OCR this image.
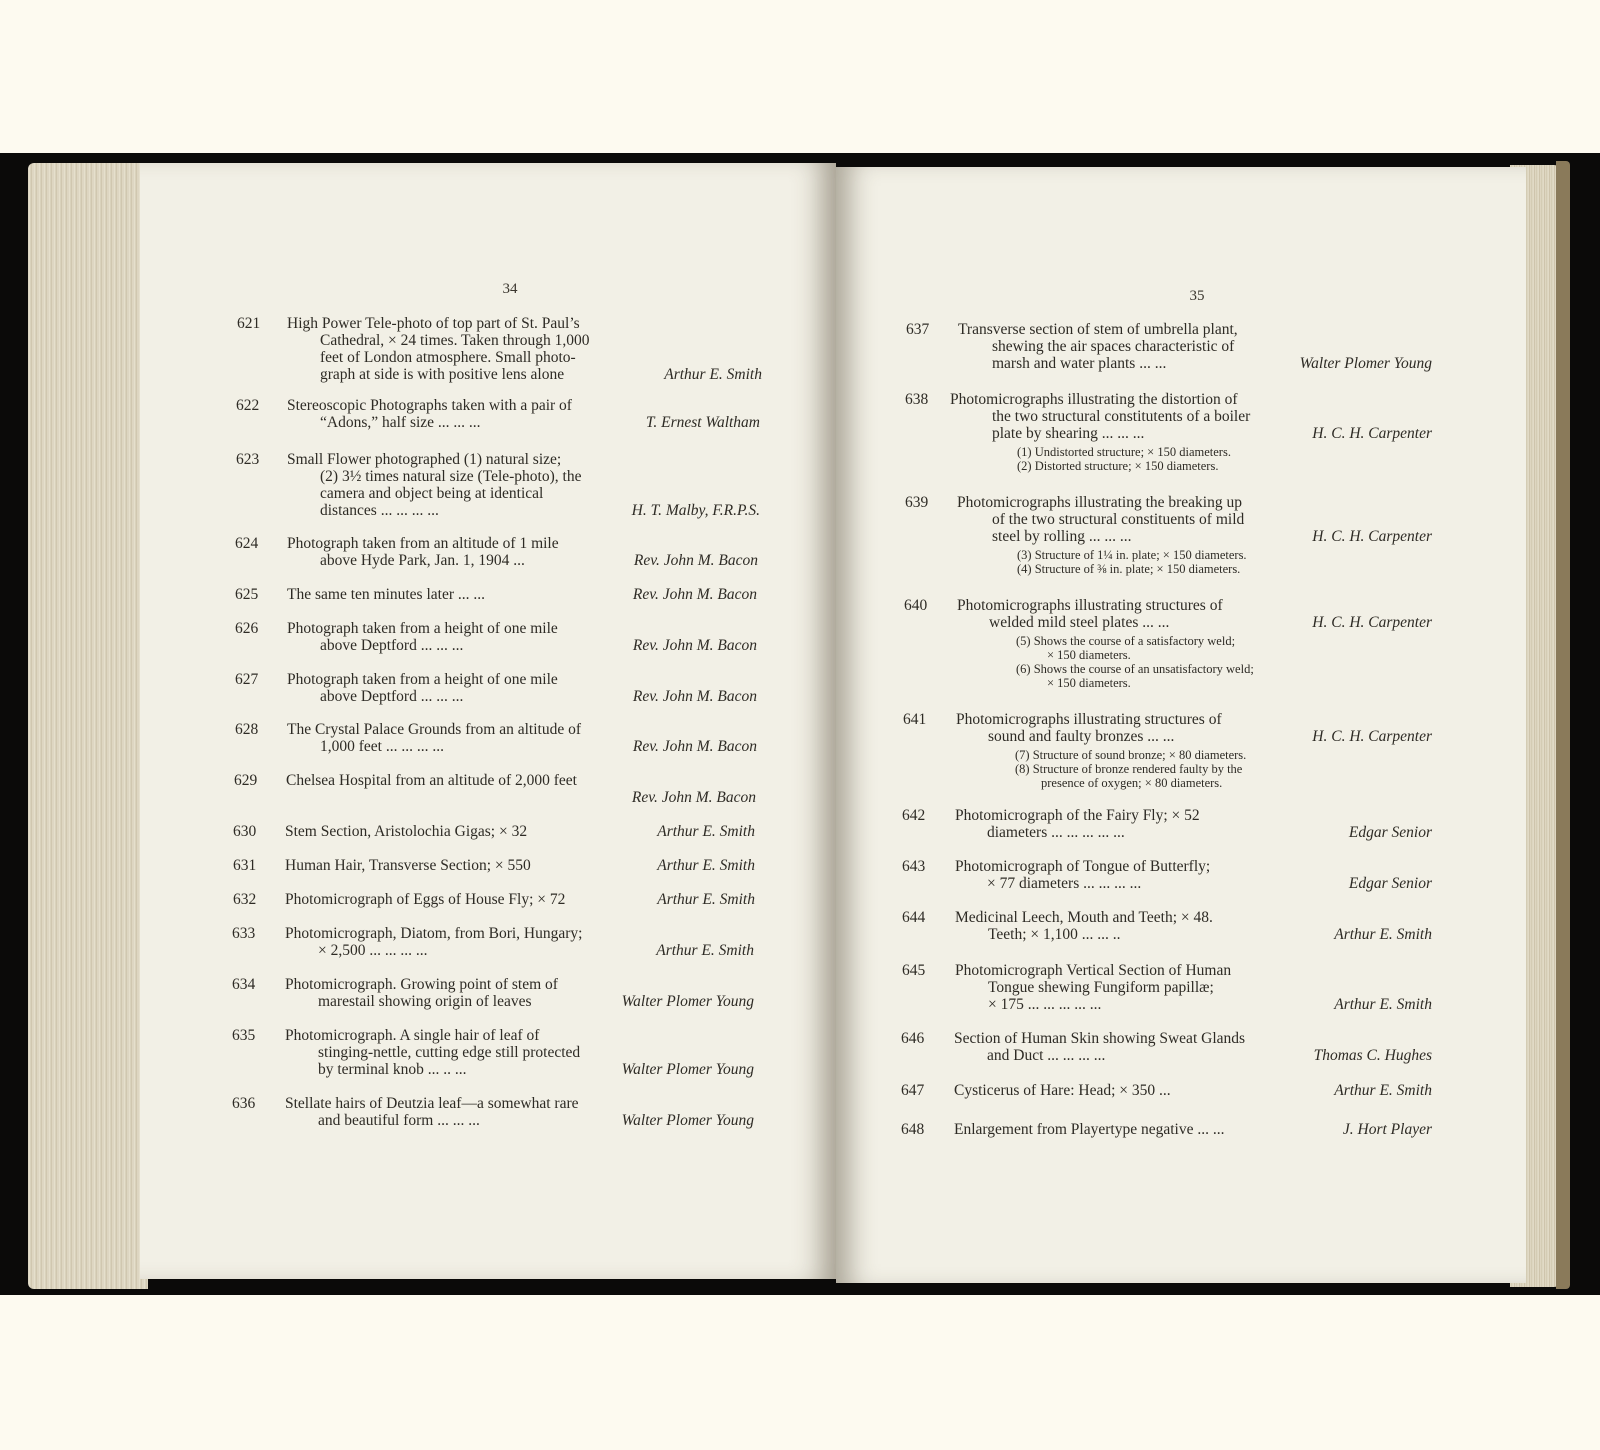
34
621 High Power Tele-photo of top part of St. Paul’s
Cathedral, × 24 times. Taken through 1,000
feet of London atmosphere. Small photo-
graph at side is with positive lens alone	Arthur E. Smith
622 Stereoscopic Photographs taken with a pair of
“Adons,” half size ... ... ...	T. Ernest Waltham
623 Small Flower photographed (1) natural size;
(2) 3½ times natural size (Tele-photo), the
camera and object being at identical
distances ... ... ... ...	H. T. Malby, F.R.P.S.
624 Photograph taken from an altitude of 1 mile
above Hyde Park, Jan. 1, 1904 ...	Rev. John M. Bacon
625 The same ten minutes later ... ...	Rev. John M. Bacon
626 Photograph taken from a height of one mile
above Deptford ... ... ...	Rev. John M. Bacon
627 Photograph taken from a height of one mile
above Deptford ... ... ...	Rev. John M. Bacon
628 The Crystal Palace Grounds from an altitude of
1,000 feet ... ... ... ...	Rev. John M. Bacon
629 Chelsea Hospital from an altitude of 2,000 feet
Rev. John M. Bacon
630 Stem Section, Aristolochia Gigas; × 32	Arthur E. Smith
631 Human Hair, Transverse Section; × 550	Arthur E. Smith
632 Photomicrograph of Eggs of House Fly; × 72	Arthur E. Smith
633 Photomicrograph, Diatom, from Bori, Hungary;
× 2,500 ... ... ... ...	Arthur E. Smith
634 Photomicrograph. Growing point of stem of
marestail showing origin of leaves	Walter Plomer Young
635 Photomicrograph. A single hair of leaf of
stinging-nettle, cutting edge still protected
by terminal knob ... .. ...	Walter Plomer Young
636 Stellate hairs of Deutzia leaf—a somewhat rare
and beautiful form ... ... ...	Walter Plomer Young
35
637 Transverse section of stem of umbrella plant,
shewing the air spaces characteristic of
marsh and water plants ... ...	Walter Plomer Young
638 Photomicrographs illustrating the distortion of
the two structural constitutents of a boiler
plate by shearing ... ... ...	H. C. H. Carpenter
(1) Undistorted structure; × 150 diameters.
(2) Distorted structure; × 150 diameters.
639 Photomicrographs illustrating the breaking up
of the two structural constituents of mild
steel by rolling ... ... ...	H. C. H. Carpenter
(3) Structure of 1¼ in. plate; × 150 diameters.
(4) Structure of ⅜ in. plate; × 150 diameters.
640 Photomicrographs illustrating structures of
welded mild steel plates ... ...	H. C. H. Carpenter
(5) Shows the course of a satisfactory weld;
× 150 diameters.
(6) Shows the course of an unsatisfactory weld;
× 150 diameters.
641 Photomicrographs illustrating structures of
sound and faulty bronzes ... ...	H. C. H. Carpenter
(7) Structure of sound bronze; × 80 diameters.
(8) Structure of bronze rendered faulty by the
presence of oxygen; × 80 diameters.
642 Photomicrograph of the Fairy Fly; × 52
diameters ... ... ... ... ...	Edgar Senior
643 Photomicrograph of Tongue of Butterfly;
× 77 diameters ... ... ... ...	Edgar Senior
644 Medicinal Leech, Mouth and Teeth; × 48.
Teeth; × 1,100 ... ... ..	Arthur E. Smith
645 Photomicrograph Vertical Section of Human
Tongue shewing Fungiform papillæ;
× 175 ... ... ... ... ...	Arthur E. Smith
646 Section of Human Skin showing Sweat Glands
and Duct ... ... ... ...	Thomas C. Hughes
647 Cysticerus of Hare: Head; × 350 ...	Arthur E. Smith
648 Enlargement from Playertype negative ... ...	J. Hort Player
